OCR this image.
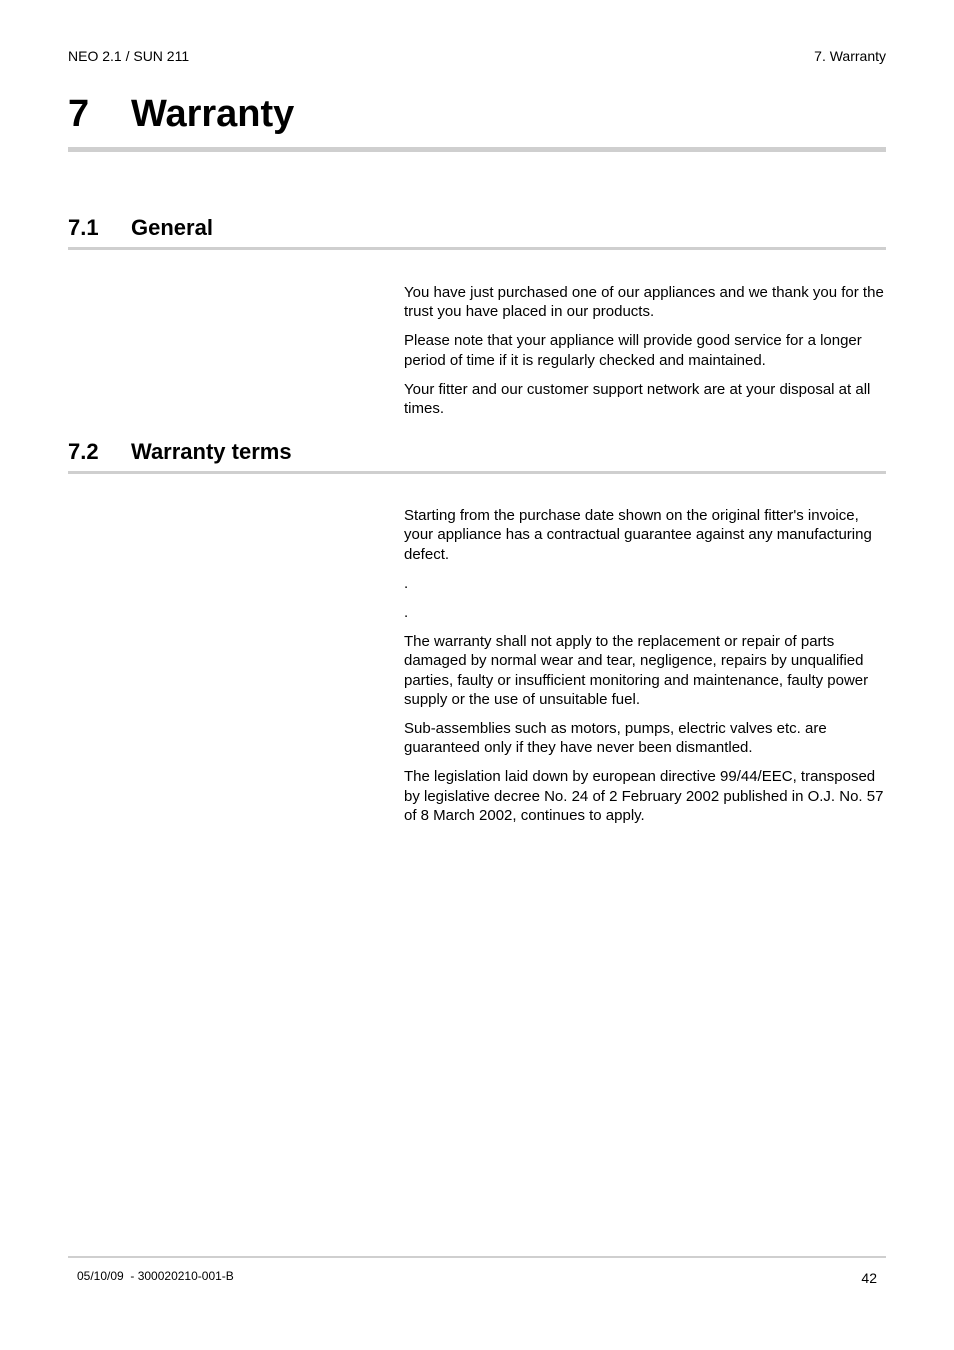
NEO 2.1 / SUN 211	7. Warranty
7 Warranty
7.1 General

You have just purchased one of our appliances and we thank you for the trust you have placed in our products.

Please note that your appliance will provide good service for a longer period of time if it is regularly checked and maintained.

Your fitter and our customer support network are at your disposal at all times.

7.2 Warranty terms

Starting from the purchase date shown on the original fitter's invoice, your appliance has a contractual guarantee against any manufacturing defect.

.

.

The warranty shall not apply to the replacement or repair of parts damaged by normal wear and tear, negligence, repairs by unqualified parties, faulty or insufficient monitoring and maintenance, faulty power supply or the use of unsuitable fuel.

Sub-assemblies such as motors, pumps, electric valves etc. are guaranteed only if they have never been dismantled.

The legislation laid down by european directive 99/44/EEC, transposed by legislative decree No. 24 of 2 February 2002 published in O.J. No. 57 of 8 March 2002, continues to apply.

05/10/09  - 300020210-001-B	42
